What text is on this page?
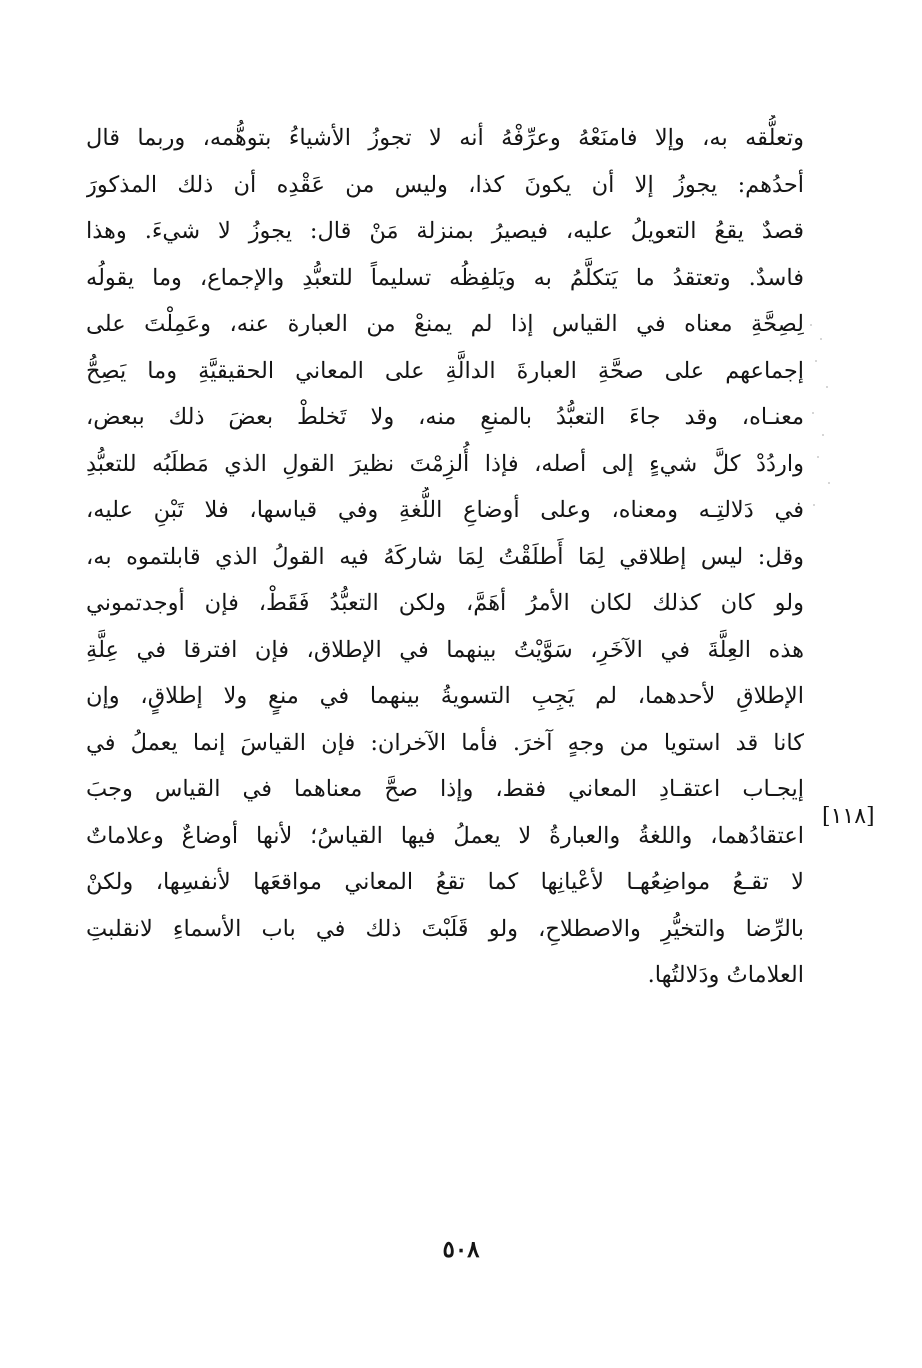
وتعلُّقه به، وإلا فامنَعْهُ وعرِّفْهُ أنه لا تجوزُ الأشياءُ بتوهُّمه، وربما قال
أحدُهم: يجوزُ إلا أن يكونَ كذا، وليس من عَقْدِه أن ذلك المذكورَ
قصدٌ يقعُ التعويلُ عليه، فيصيرُ بمنزلة مَنْ قال: يجوزُ لا شيءَ. وهذا
فاسدٌ. وتعتقدُ ما يَتكلَّمُ به ويَلفِظُه تسليماً للتعبُّدِ والإجماع، وما يقولُه
لِصِحَّةِ معناه في القياس إذا لم يمنعْ من العبارة عنه، وعَمِلْتَ على
إجماعهم على صحَّةِ العبارةَ الدالَّةِ على المعاني الحقيقيَّةِ وما يَصِحُّ
معنـاه، وقد جاءَ التعبُّدُ بالمنعِ منه، ولا تَخلطْ بعضَ ذلك ببعض،
واردُدْ كلَّ شيءٍ إلى أصله، فإذا أُلزِمْتَ نظيرَ القولِ الذي مَطلَبُه للتعبُّدِ
في دَلالتِـه ومعناه، وعلى أوضاعِ اللُّغةِ وفي قياسها، فلا تَبْنِ عليه،
وقل: ليس إطلاقي لِمَا أَطلَقْتُ لِمَا شاركَهُ فيه القولُ الذي قابلتموه به،
ولو كان كذلك لكان الأمرُ أهَمَّ، ولكن التعبُّدُ فَقَطْ، فإن أوجدتموني
هذه العِلَّةَ في الآخَرِ، سَوَّيْتُ بينهما في الإطلاق، فإن افترقا في عِلَّةِ
الإطلاقِ لأحدهما، لم يَجِبِ التسويةُ بينهما في منعٍ ولا إطلاقٍ، وإن
كانا قد استويا من وجهٍ آخرَ. فأما الآخران: فإن القياسَ إنما يعملُ في
إيجـاب اعتقـادِ المعاني فقط، وإذا صحَّ معناهما في القياس وجبَ
اعتقادُهما، واللغةُ والعبارةُ لا يعملُ فيها القياسُ؛ لأنها أوضاعٌ وعلاماتٌ
لا تقـعُ مواضِعُهـا لأعْيانِها كما تقعُ المعاني مواقعَها لأنفسِها، ولكنْ
بالرِّضا والتخيُّرِ والاصطلاحِ، ولو قَلَبْتَ ذلك في باب الأسماءِ لانقلبتِ
العلاماتُ ودَلالتُها.
[١١٨]
٥٠٨
